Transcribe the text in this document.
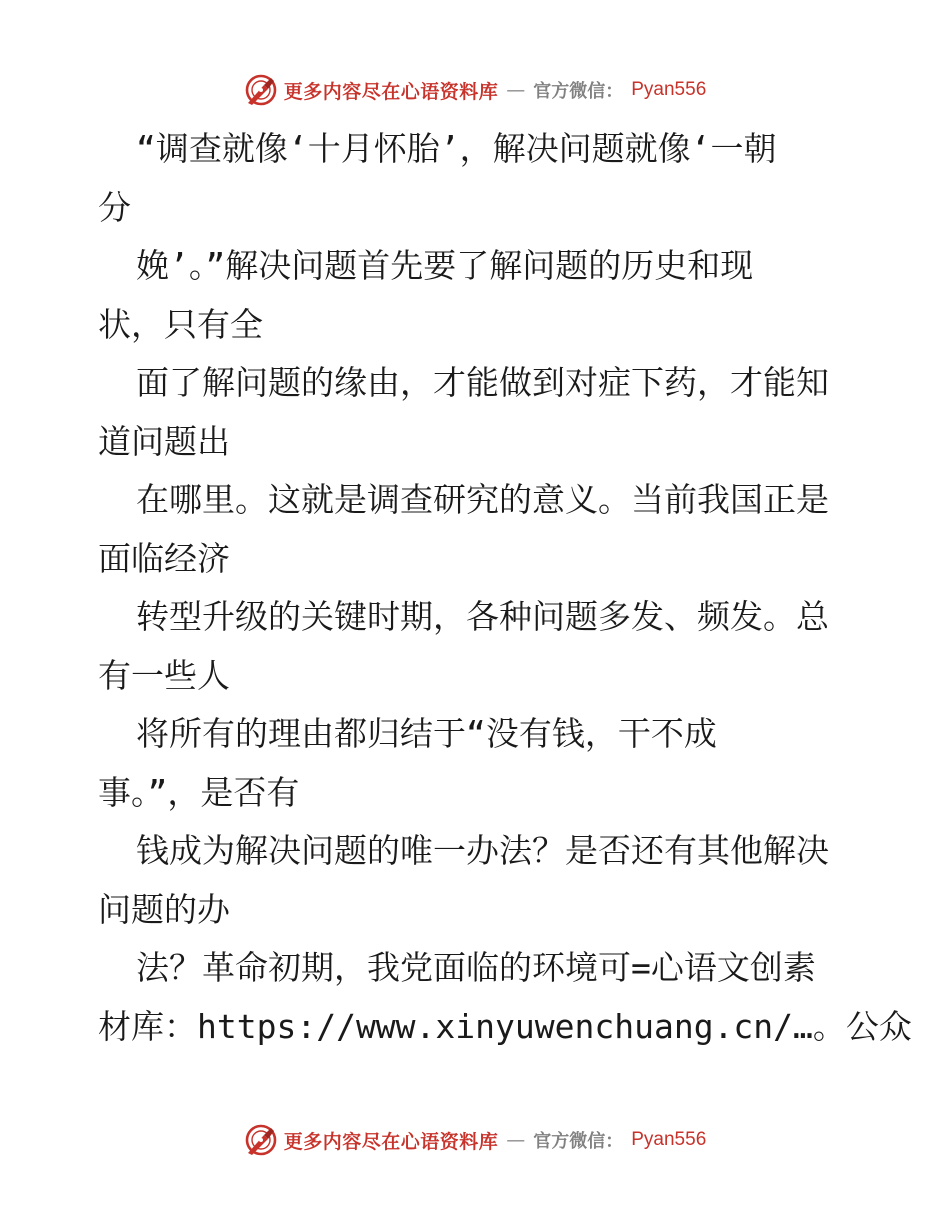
更多内容尽在心语资料库 — 官方微信： Pyan556
“调查就像‘十月怀胎’，解决问题就像‘一朝
分
娩’。”解决问题首先要了解问题的历史和现
状，只有全
面了解问题的缘由，才能做到对症下药，才能知
道问题出
在哪里。这就是调查研究的意义。当前我国正是
面临经济
转型升级的关键时期，各种问题多发、频发。总
有一些人
将所有的理由都归结于“没有钱，干不成
事。”，是否有
钱成为解决问题的唯一办法？是否还有其他解决
问题的办
法？革命初期，我党面临的环境可=心语文创素
材库：https://www.xinyuwenchuang.cn/…。公众
更多内容尽在心语资料库 — 官方微信： Pyan556
